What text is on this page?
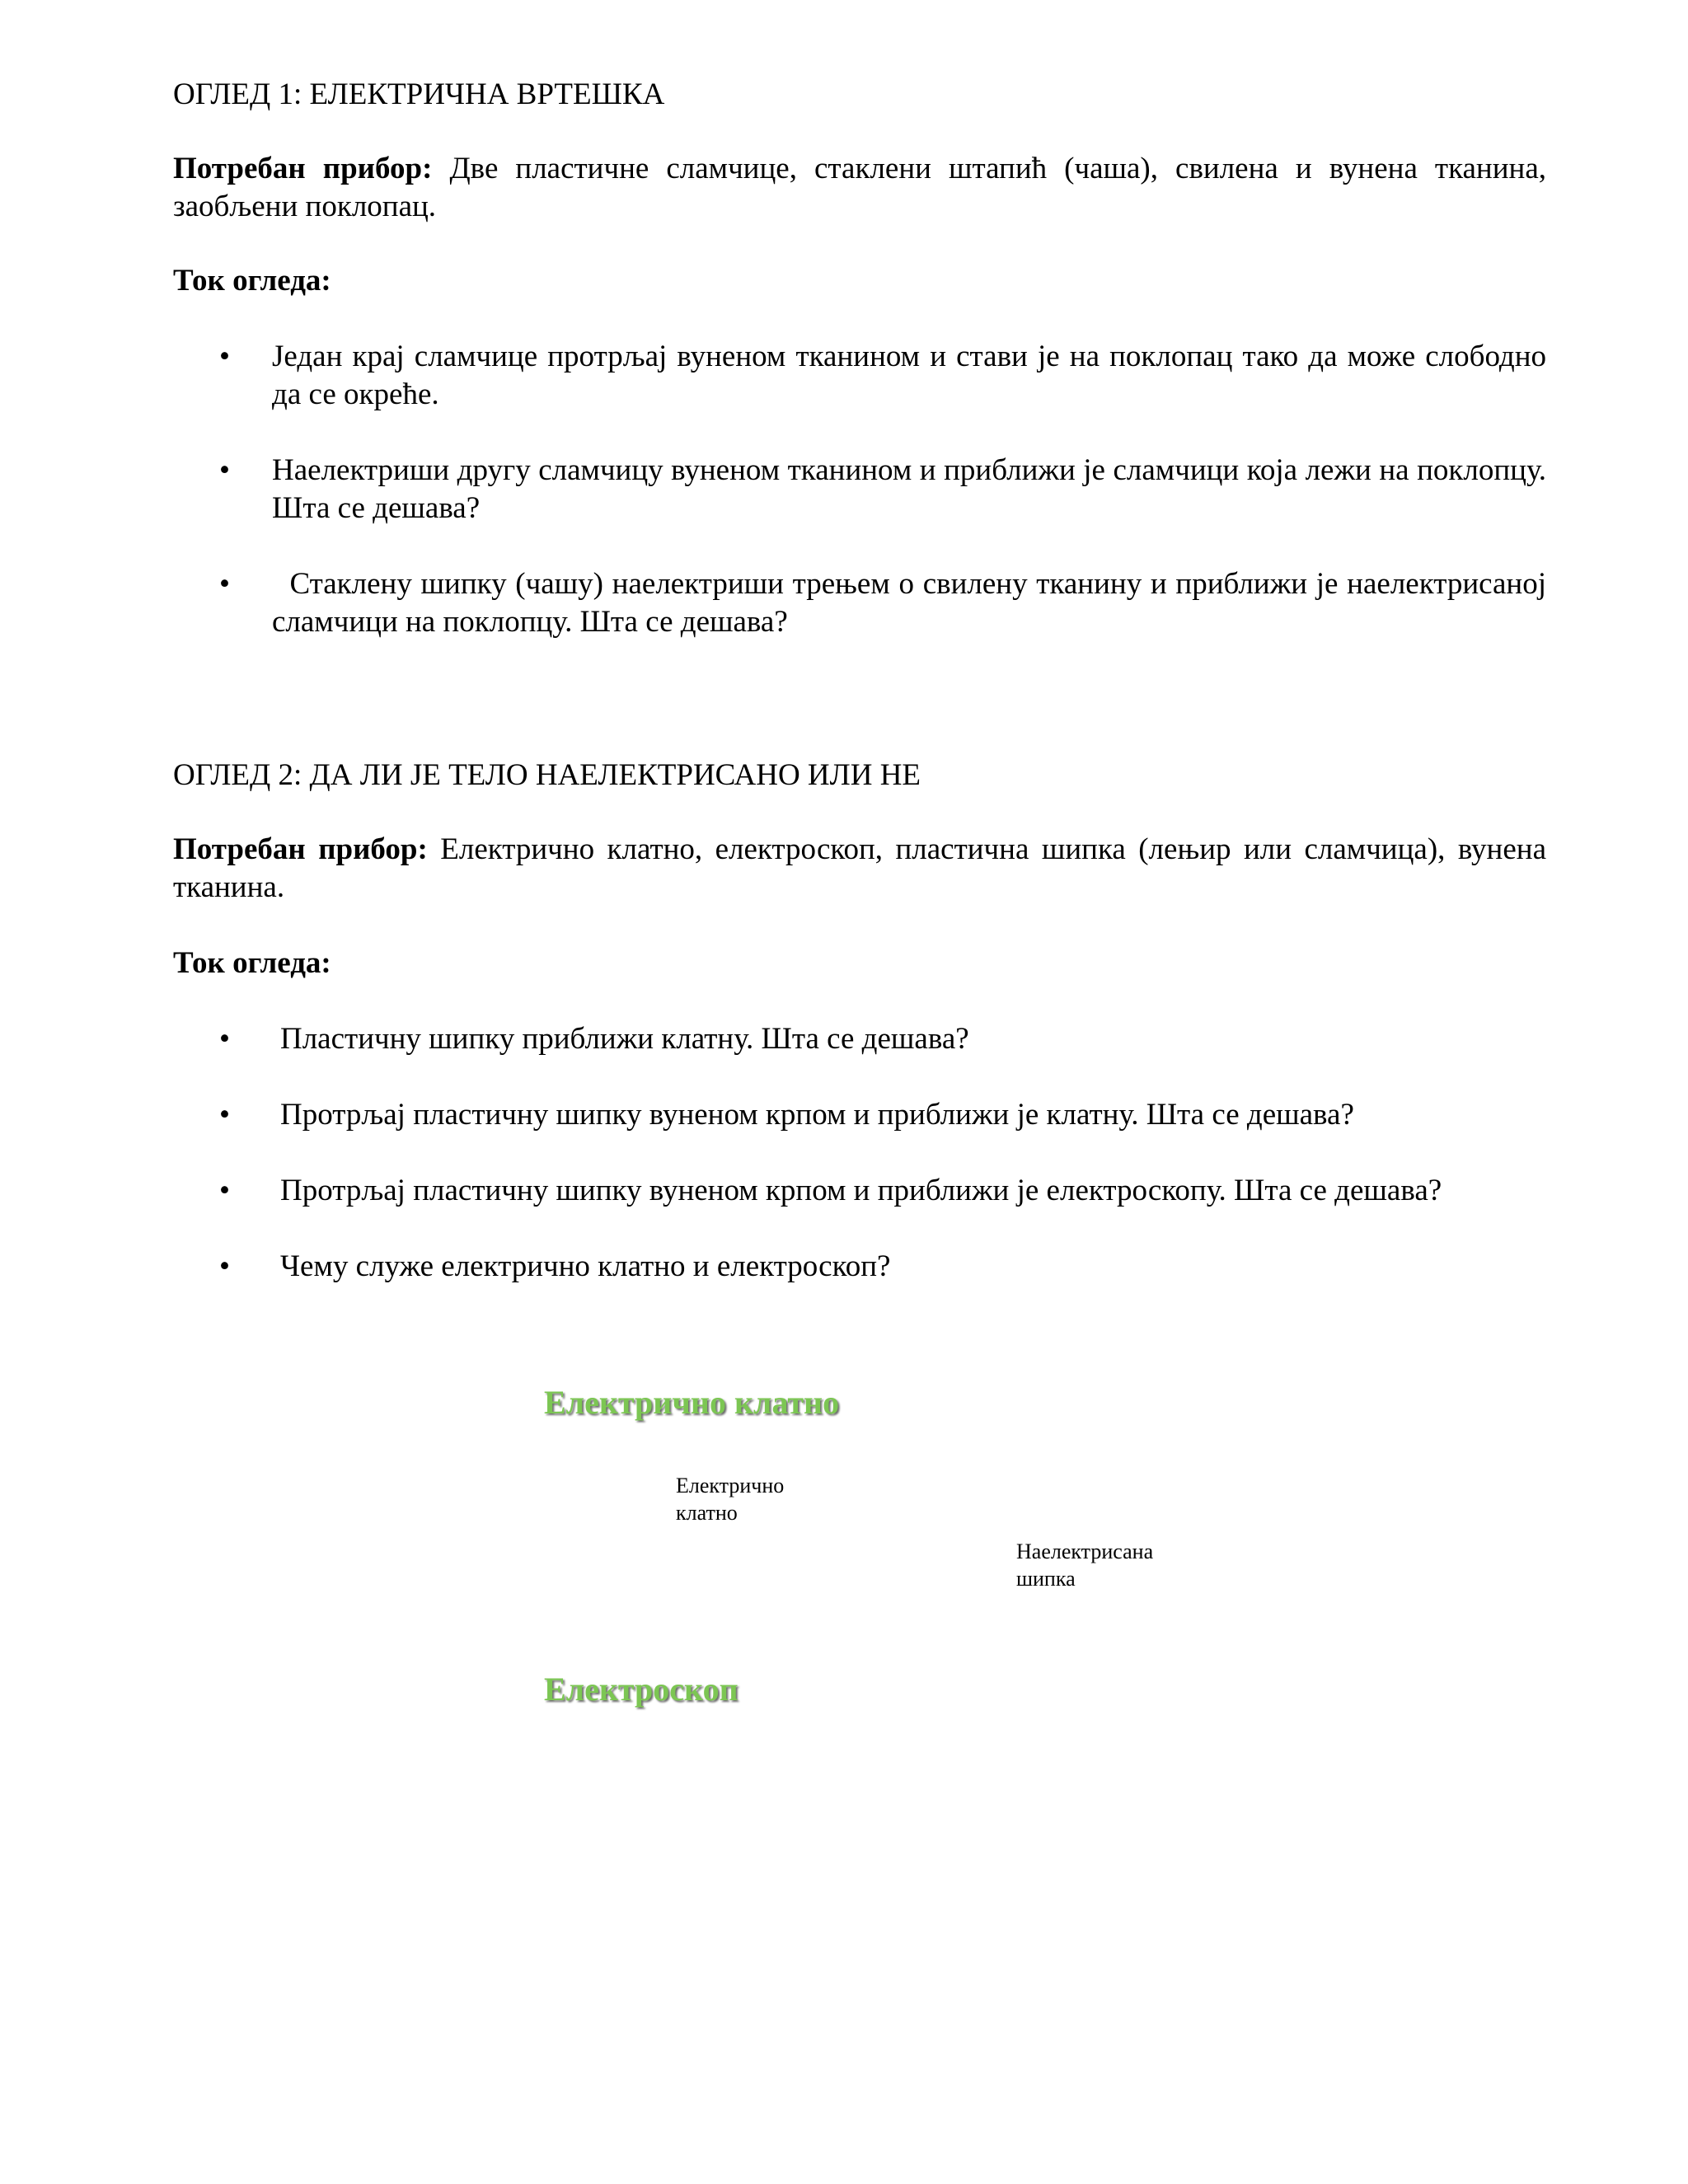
ОГЛЕД 1: ЕЛЕКТРИЧНА ВРТЕШКА
Потребан прибор: Две пластичне сламчице, стаклени штапић (чаша), свилена и вунена тканина, заобљени поклопац.
Ток огледа:
• Један крај сламчице протрљај вуненом тканином и стави је на поклопац тако да може слободно да се окреће.
• Наелектриши другу сламчицу вуненом тканином и приближи је сламчици која лежи на поклопцу. Шта се дешава?
• Стаклену шипку (чашу) наелектриши трењем о свилену тканину и приближи је наелектрисаној сламчици на поклопцу. Шта се дешава?
ОГЛЕД 2: ДА ЛИ ЈЕ ТЕЛО НАЕЛЕКТРИСАНО ИЛИ НЕ
Потребан прибор: Електрично клатно, електроскоп, пластична шипка (лењир или сламчица), вунена тканина.
Ток огледа:
• Пластичну шипку приближи клатну. Шта се дешава?
• Протрљај пластичну шипку вуненом крпом и приближи је клатну. Шта се дешава?
• Протрљај пластичну шипку вуненом крпом и приближи је електроскопу. Шта се дешава?
• Чему служе електрично клатно и електроскоп?
Електрично клатно
Електрично
клатно
Наелектрисана
шипка
Електроскоп
